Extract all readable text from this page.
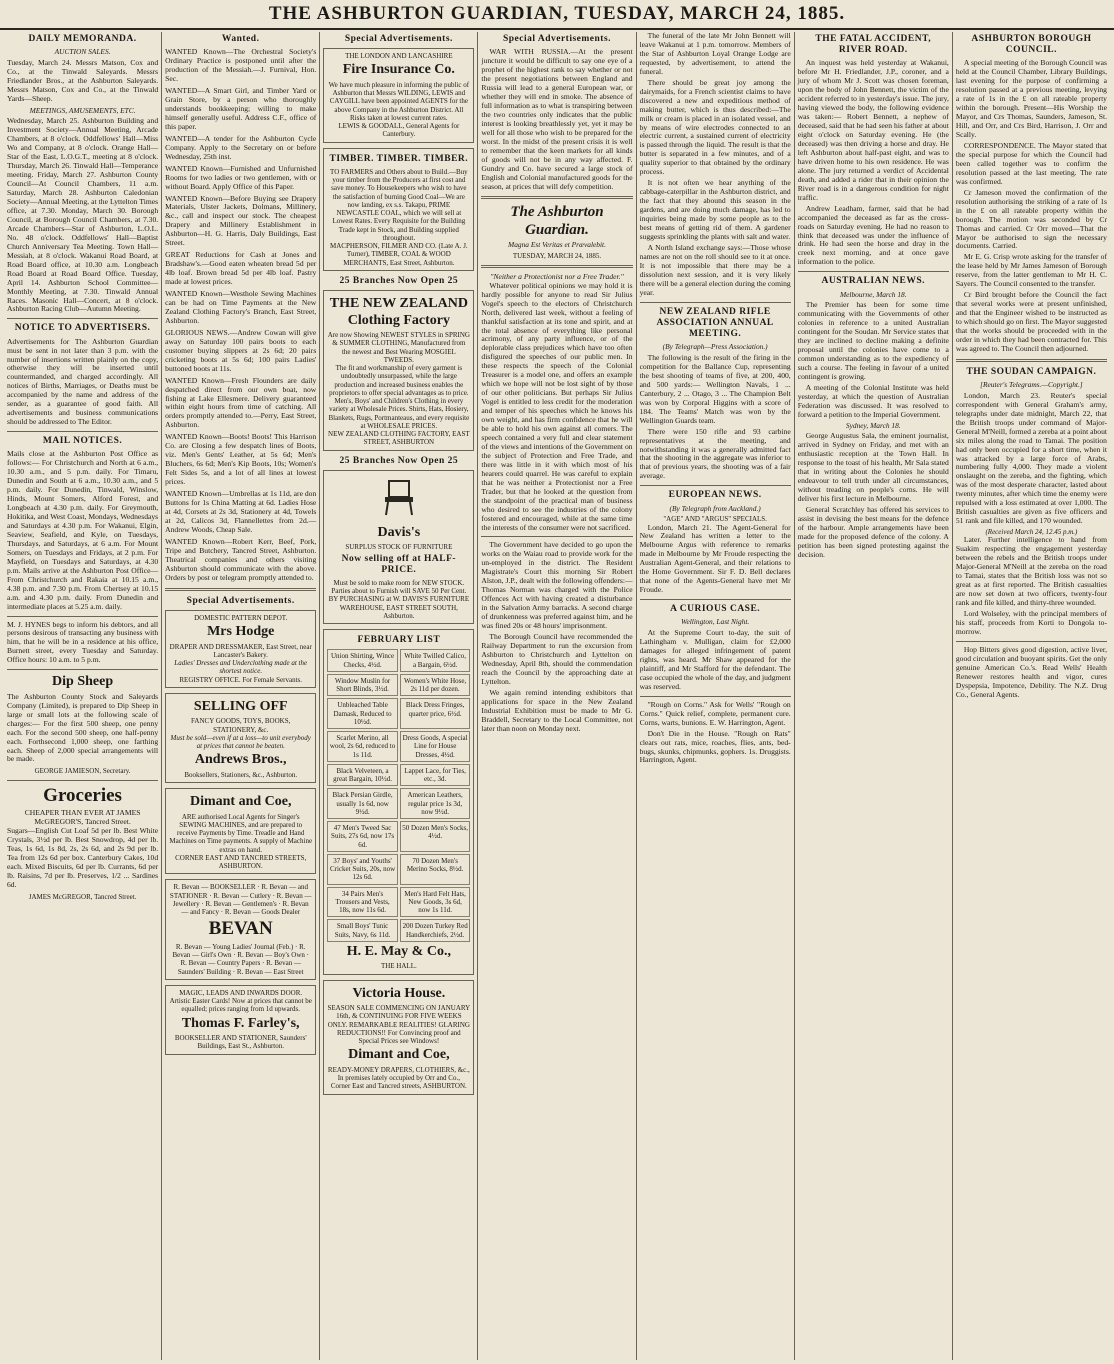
THE ASHBURTON GUARDIAN, TUESDAY, MARCH 24, 1885.
DAILY MEMORANDA.
AUCTION SALES.
Tuesday, March 24. Messrs Matson, Cox and Co., at the Tinwald Saleyards. Messrs Friedlander Bros., at the Ashburton Saleyards. Messrs Matson, Cox and Co., at the Tinwald Yards—Sheep.
MEETINGS, AMUSEMENTS, ETC.
Wednesday, March 25. Ashburton Building and Investment Society—Annual Meeting, Arcade Chambers, at 8 o'clock. Oddfellows' Hall—Miss Wo and Company, at 8 o'clock. Orange Hall—Star of the East, L.O.G.T., meeting at 8 o'clock. Thursday, March 26. Tinwald Hall—Temperance meeting. Friday, March 27. Ashburton County Council—At Council Chambers, 11 a.m. Saturday, March 28. Ashburton Caledonian Society—Annual Meeting, at the Lyttelton Times office, at 7.30. Monday, March 30. Borough Council, at Borough Council Chambers, at 7.30. Arcade Chambers—Star of Ashburton, L.O.L. No. 48 o'clock. Oddfellows' Hall—Baptist Church Anniversary Tea Meeting. Town Hall—Messiah, at 8 o'clock. Wakanui Road Board, at Road Board office, at 10.30 a.m. Longbeach Road Board at Road Board Office. Tuesday, April 14. Ashburton School Committee—Monthly Meeting, at 7.30. Tinwald Annual Races. Masonic Hall—Concert, at 8 o'clock. Ashburton Racing Club—Autumn Meeting.
NOTICE TO ADVERTISERS.
Advertisements for The Ashburton Guardian must be sent in not later than 3 p.m. with the number of insertions written plainly on the copy, otherwise they will be inserted until countermanded, and charged accordingly. All notices of Births, Marriages, or Deaths must be accompanied by the name and address of the sender, as a guarantee of good faith. All advertisements and business communications should be addressed to The Editor.
MAIL NOTICES.
Mails close at the Ashburton Post Office as follows:— For Christchurch and North at 6 a.m., 10.30 a.m., and 5 p.m. daily. For Timaru, Dunedin and South at 6 a.m., 10.30 a.m., and 5 p.m. daily. For Dunedin, Tinwald, Winslow, Hinds, Mount Somers, Alford Forest, and Longbeach at 4.30 p.m. daily. For Greymouth, Hokitika, and West Coast, Mondays, Wednesdays and Saturdays at 4.30 p.m. For Wakanui, Elgin, Seaview, Seafield, and Kyle, on Tuesdays, Thursdays, and Saturdays, at 6 a.m. For Mount Somers, on Tuesdays and Fridays, at 2 p.m. For Mayfield, on Tuesdays and Saturdays, at 4.30 p.m. Mails arrive at the Ashburton Post Office— From Christchurch and Rakaia at 10.15 a.m., 4.38 p.m. and 7.30 p.m. From Chertsey at 10.15 a.m. and 4.30 p.m. daily. From Dunedin and intermediate places at 5.25 a.m. daily.
M. J. HYNES begs to inform his debtors, and all persons desirous of transacting any business with him, that he will be in a residence at his office, Burnett street, every Tuesday and Saturday. Office hours: 10 a.m. to 5 p.m.
Dip Sheep
The Ashburton County Stock and Saleyards Company (Limited), is prepared to Dip Sheep in large or small lots at the following scale of charges:— For the first 500 sheep, one penny each. For the second 500 sheep, one half-penny each. Forthsecond 1,000 sheep, one farthing each. Sheep of 2,000 special arrangements will be made.
GEORGE JAMIESON, Secretary.
Groceries
CHEAPER THAN EVER AT JAMES McGREGOR'S, Tancred Street.
Sugars—English Cut Loaf 5d per lb. Best White Crystals, 3½d per lb. Best Snowdrop, 4d per lb. Teas, 1s 6d, 1s 8d, 2s, 2s 6d, and 2s 9d per lb. Tea from 12s 6d per box. Canterbury Cakes, 10d each. Mixed Biscuits, 6d per lb. Currants, 6d per lb. Raisins, 7d per lb. Preserves, 1/2 ... Sardines 6d.
JAMES McGREGOR, Tancred Street.
Wanted.
WANTED Known—The Orchestral Society's Ordinary Practice is postponed until after the production of the Messiah.—J. Furnival, Hon. Sec.
WANTED—A Smart Girl, and Timber Yard or Grain Store, by a person who thoroughly understands bookkeeping; willing to make himself generally useful. Address C.F., office of this paper.
WANTED—A tender for the Ashburton Cycle Company. Apply to the Secretary on or before Wednesday, 25th inst.
WANTED Known—Furnished and Unfurnished Rooms for two ladies or two gentlemen, with or without Board. Apply Office of this Paper.
WANTED Known—Before Buying see Drapery Materials, Ulster Jackets, Dolmans, Millinery, &c., call and inspect our stock. The cheapest Drapery and Millinery Establishment in Ashburton—H. G. Harris, Daly Buildings, East Street.
GREAT Reductions for Cash at Jones and Bradshaw's.—Good eaten wheaten bread 5d per 4lb loaf. Brown bread 5d per 4lb loaf. Pastry made at lowest prices.
WANTED Known—Westhole Sewing Machines can be had on Time Payments at the New Zealand Clothing Factory's Branch, East Street, Ashburton.
GLORIOUS NEWS.—Andrew Cowan will give away on Saturday 100 pairs boots to each customer buying slippers at 2s 6d; 20 pairs cricketing boots at 5s 6d; 100 pairs Ladies' buttoned boots at 11s.
WANTED Known—Fresh Flounders are daily despatched direct from our own boat, now fishing at Lake Ellesmere. Delivery guaranteed within eight hours from time of catching. All orders promptly attended to.—Perry, East Street, Ashburton.
WANTED Known—Boots! Boots! This Harrison Co. are Closing a few despatch lines of Boots, viz. Men's Gents' Leather, at 5s 6d; Men's Bluchers, 6s 6d; Men's Kip Boots, 10s; Women's Felt Sides 5s, and a lot of all lines at lowest prices.
WANTED Known—Umbrellas at 1s 11d, are don Buttons for 1s China Matting at 6d. Ladies Hose at 4d, Corsets at 2s 3d, Stationery at 4d, Towels at 2d, Calicos 3d, Flannellettes from 2d.—Andrew Woods, Cheap Sale.
WANTED Known—Robert Kerr, Beef, Pork, Tripe and Butchery, Tancred Street, Ashburton. Theatrical companies and others visiting Ashburton should communicate with the above. Orders by post or telegram promptly attended to.
Special Advertisements.
DOMESTIC PATTERN DEPOT.
Mrs Hodge
DRAPER AND DRESSMAKER, East Street, near Lancaster's Bakery.
Ladies' Dresses and Underclothing made at the shortest notice.
REGISTRY OFFICE. For Female Servants.
SELLING OFF
FANCY GOODS, TOYS, BOOKS, STATIONERY, &c.
Must be sold—even if at a loss—to unit everybody at prices that cannot be beaten.
Andrews Bros.,
Booksellers, Stationers, &c., Ashburton.
Dimant and Coe,
ARE authorised Local Agents for Singer's SEWING MACHINES, and are prepared to receive Payments by Time. Treadle and Hand Machines on Time payments. A supply of Machine extras on hand.
CORNER EAST AND TANCRED STREETS, ASHBURTON.
R. Bevan — BOOKSELLER · R. Bevan — and STATIONER · R. Bevan — Cutlery · R. Bevan — Jewellery · R. Bevan — Gentlemen's · R. Bevan — and Fancy · R. Bevan — Goods Dealer
BEVAN
R. Bevan — Young Ladies' Journal (Feb.) · R. Bevan — Girl's Own · R. Bevan — Boy's Own · R. Bevan — Country Papers · R. Bevan — Saunders' Building · R. Bevan — East Street
MAGIC, LEADS AND INWARDS DOOR.
Artistic Easter Cards! Now at prices that cannot be equalled; prices ranging from 1d upwards.
Thomas F. Farley's,
BOOKSELLER AND STATIONER, Saunders' Buildings, East St., Ashburton.
Special Advertisements.
THE LONDON AND LANCASHIRE
Fire Insurance Co.
We have much pleasure in informing the public of Ashburton that Messrs WILDING, LEWIS and CAYGILL have been appointed AGENTS for the above Company in the Ashburton District. All Risks taken at lowest current rates.
LEWIS & GOODALL, General Agents for Canterbury.
TIMBER. TIMBER. TIMBER.
TO FARMERS and Others about to Build.—Buy your timber from the Producers at first cost and save money. To Housekeepers who wish to have the satisfaction of burning Good Coal—We are now landing, ex s.s. Takapu, PRIME NEWCASTLE COAL, which we will sell at Lowest Rates. Every Requisite for the Building Trade kept in Stock, and Building supplied throughout.
MACPHERSON, FILMER AND CO. (Late A. J. Turner), TIMBER, COAL & WOOD MERCHANTS, East Street, Ashburton.
25 Branches Now Open 25
THE NEW ZEALAND Clothing Factory
Are now Showing NEWEST STYLES in SPRING & SUMMER CLOTHING, Manufactured from the newest and Best Wearing MOSGIEL TWEEDS.
The fit and workmanship of every garment is undoubtedly unsurpassed, while the large production and increased business enables the proprietors to offer special advantages as to price. Men's, Boys' and Children's Clothing in every variety at Wholesale Prices. Shirts, Hats, Hosiery, Blankets, Rugs, Portmanteaus, and every requisite at WHOLESALE PRICES.
NEW ZEALAND CLOTHING FACTORY, EAST STREET, ASHBURTON
25 Branches Now Open 25
Davis's
SURPLUS STOCK OF FURNITURE
Now selling off at HALF-PRICE.
Must be sold to make room for NEW STOCK. Parties about to Furnish will SAVE 50 Per Cent. BY PURCHASING at W. DAVIS'S FURNITURE WAREHOUSE, EAST STREET SOUTH, Ashburton.
FEBRUARY LIST
Union Shirting, Wince Checks, 4½d.
White Twilled Calico, a Bargain, 6½d.
Window Muslin for Short Blinds, 3½d.
Women's White Hose, 2s 11d per dozen.
Unbleached Table Damask, Reduced to 10½d.
Black Dress Fringes, quarter price, 6½d.
Scarlet Merino, all wool, 2s 6d, reduced to 1s 11d.
Dress Goods, A special Line for House Dresses, 4½d.
Black Velveteen, a great Bargain, 10½d.
Lappet Lace, for Ties, etc., 3d.
Black Persian Girdle, usually 1s 6d, now 9½d.
American Leathers, regular price 1s 3d, now 9½d.
47 Men's Tweed Sac Suits, 27s 6d, now 17s 6d.
50 Dozen Men's Socks, 4½d.
37 Boys' and Youths' Cricket Suits, 20s, now 12s 6d.
70 Dozen Men's Merino Socks, 8½d.
34 Pairs Men's Trousers and Vests, 18s, now 11s 6d.
Men's Hard Felt Hats, New Goods, 3s 6d, now 1s 11d.
Small Boys' Tunic Suits, Navy, 6s 11d.
200 Dozen Turkey Red Handkerchiefs, 2½d.
H. E. May & Co.,
THE HALL.
Victoria House.
SEASON SALE COMMENCING ON JANUARY 16th, & CONTINUING FOR FIVE WEEKS ONLY. REMARKABLE REALITIES! GLARING REDUCTIONS!! For Convincing proof and Special Prices see Windows!
Dimant and Coe,
READY-MONEY DRAPERS, CLOTHIERS, &c., In premises lately occupied by Orr and Co., Corner East and Tancred streets, ASHBURTON.
Special Advertisements.
WAR WITH RUSSIA.—At the present juncture it would be difficult to say one eye of a prophet of the highest rank to say whether or not the present negotiations between England and Russia will lead to a general European war, or whether they will end in smoke. The absence of full information as to what is transpiring between the two countries only indicates that the public interest is looking breathlessly yet, yet it may be well for all those who wish to be prepared for the worst. In the midst of the present crisis it is well to remember that the keen markets for all kinds of goods will not be in any way affected. F. Gundry and Co. have secured a large stock of English and Colonial manufactured goods for the season, at prices that will defy competition.
The Ashburton Guardian.
Magna Est Veritas et Prævalebit.
TUESDAY, MARCH 24, 1885.
"Neither a Protectionist nor a Free Trader."
Whatever political opinions we may hold it is hardly possible for anyone to read Sir Julius Vogel's speech to the electors of Christchurch North, delivered last week, without a feeling of thankful satisfaction at its tone and spirit, and at the total absence of everything like personal acrimony, of any party influence, or of the deplorable class prejudices which have too often disfigured the speeches of our public men. In these respects the speech of the Colonial Treasurer is a model one, and offers an example which we hope will not be lost sight of by those of our other politicians. But perhaps Sir Julius Vogel is entitled to less credit for the moderation and temper of his speeches which he knows his own weight, and has firm confidence that he will be able to hold his own against all comers. The speech contained a very full and clear statement of the views and intentions of the Government on the subject of Protection and Free Trade, and there was little in it with which most of his hearers could quarrel. He was careful to explain that he was neither a Protectionist nor a Free Trader, but that he looked at the question from the standpoint of the practical man of business who desired to see the industries of the colony fostered and encouraged, while at the same time the interests of the consumer were not sacrificed.
The Government have decided to go upon the works on the Waiau road to provide work for the un-employed in the district. The Resident Magistrate's Court this morning Sir Robert Alston, J.P., dealt with the following offenders:—Thomas Norman was charged with the Police Offences Act with having created a disturbance in the Salvation Army barracks. A second charge of drunkenness was preferred against him, and he was fined 20s or 48 hours' imprisonment.
The Borough Council have recommended the Railway Department to run the excursion from Ashburton to Christchurch and Lyttelton on Wednesday, April 8th, should the commendation reach the Council by the approaching date at Lyttelton.
We again remind intending exhibitors that applications for space in the New Zealand Industrial Exhibition must be made to Mr G. Braddell, Secretary to the Local Committee, not later than noon on Monday next.
The funeral of the late Mr John Bennett will leave Wakanui at 1 p.m. tomorrow. Members of the Star of Ashburton Loyal Orange Lodge are requested, by advertisement, to attend the funeral.
There should be great joy among the dairymaids, for a French scientist claims to have discovered a new and expeditious method of making butter, which is thus described:—The milk or cream is placed in an isolated vessel, and by means of wire electrodes connected to an electric current, a sustained current of electricity is passed through the liquid. The result is that the butter is separated in a few minutes, and of a quality superior to that obtained by the ordinary process.
It is not often we hear anything of the cabbage-caterpillar in the Ashburton district, and the fact that they abound this season in the gardens, and are doing much damage, has led to inquiries being made by some people as to the best means of getting rid of them. A gardener suggests sprinkling the plants with salt and water.
A North Island exchange says:—Those whose names are not on the roll should see to it at once. It is not impossible that there may be a dissolution next session, and it is very likely there will be a general election during the coming year.
NEW ZEALAND RIFLE ASSOCIATION ANNUAL MEETING.
(By Telegraph—Press Association.)
The following is the result of the firing in the competition for the Ballance Cup, representing the best shooting of teams of five, at 200, 400, and 500 yards:— Wellington Navals, 1 ... Canterbury, 2 ... Otago, 3 ... The Champion Belt was won by Corporal Higgins with a score of 184. The Teams' Match was won by the Wellington Guards team.
There were 150 rifle and 93 carbine representatives at the meeting, and notwithstanding it was a generally admitted fact that the shooting in the aggregate was inferior to that of previous years, the shooting was of a fair average.
EUROPEAN NEWS.
(By Telegraph from Auckland.)
"AGE" AND "ARGUS" SPECIALS.
London, March 21. The Agent-General for New Zealand has written a letter to the Melbourne Argus with reference to remarks made in Melbourne by Mr Froude respecting the Australian Agent-General, and their relations to the Home Government. Sir F. D. Bell declares that none of the Agents-General have met Mr Froude.
A CURIOUS CASE.
Wellington, Last Night.
At the Supreme Court to-day, the suit of Lathingham v. Mulligan, claim for £2,000 damages for alleged infringement of patent rights, was heard. Mr Shaw appeared for the plaintiff, and Mr Stafford for the defendant. The case occupied the whole of the day, and judgment was reserved.
"Rough on Corns." Ask for Wells' "Rough on Corns." Quick relief, complete, permanent cure. Corns, warts, bunions. E. W. Harrington, Agent.
Don't Die in the House. "Rough on Rats" clears out rats, mice, roaches, flies, ants, bed-bugs, skunks, chipmunks, gophers. 1s. Druggists. Harrington, Agent.
THE FATAL ACCIDENT, RIVER ROAD.
An inquest was held yesterday at Wakanui, before Mr H. Friedlander, J.P., coroner, and a jury of whom Mr J. Scott was chosen foreman, upon the body of John Bennett, the victim of the accident referred to in yesterday's issue. The jury, having viewed the body, the following evidence was taken:— Robert Bennett, a nephew of deceased, said that he had seen his father at about eight o'clock on Saturday evening. He (the deceased) was then driving a horse and dray. He left Ashburton about half-past eight, and was to have driven home to his own residence. He was alone. The jury returned a verdict of Accidental death, and added a rider that in their opinion the River road is in a dangerous condition for night traffic.
Andrew Leadham, farmer, said that he had accompanied the deceased as far as the cross-roads on Saturday evening. He had no reason to think that deceased was under the influence of drink. He had seen the horse and dray in the creek next morning, and at once gave information to the police.
AUSTRALIAN NEWS.
Melbourne, March 18.
The Premier has been for some time communicating with the Governments of other colonies in reference to a united Australian contingent for the Soudan. Mr Service states that they are inclined to decline making a definite proposal until the colonies have come to a common understanding as to the expediency of such a course. The feeling in favour of a united contingent is growing.
A meeting of the Colonial Institute was held yesterday, at which the question of Australian Federation was discussed. It was resolved to forward a petition to the Imperial Government.
Sydney, March 18.
George Augustus Sala, the eminent journalist, arrived in Sydney on Friday, and met with an enthusiastic reception at the Town Hall. In response to the toast of his health, Mr Sala stated that in writing about the Colonies he should endeavour to tell truth under all circumstances, without treading on people's corns. He will deliver his first lecture in Melbourne.
General Scratchley has offered his services to assist in devising the best means for the defence of the harbour. Ample arrangements have been made for the proposed defence of the colony. A petition has been signed protesting against the decision.
ASHBURTON BOROUGH COUNCIL.
A special meeting of the Borough Council was held at the Council Chamber, Library Buildings, last evening for the purpose of confirming a resolution passed at a previous meeting, levying a rate of 1s in the £ on all rateable property within the borough. Present—His Worship the Mayor, and Crs Thomas, Saunders, Jameson, St. Hill, and Orr, and Crs Bird, Harrison, J. Orr and Scally.
CORRESPONDENCE. The Mayor stated that the special purpose for which the Council had been called together was to confirm the resolution passed at the last meeting. The rate was confirmed.
Cr Jameson moved the confirmation of the resolution authorising the striking of a rate of 1s in the £ on all rateable property within the borough. The motion was seconded by Cr Thomas and carried. Cr Orr moved—That the Mayor be authorised to sign the necessary documents. Carried.
Mr E. G. Crisp wrote asking for the transfer of the lease held by Mr James Jameson of Borough reserve, from the latter gentleman to Mr H. C. Sayers. The Council consented to the transfer.
Cr Bird brought before the Council the fact that several works were at present unfinished, and that the Engineer wished to be instructed as to which should go on first. The Mayor suggested that the works should be proceeded with in the order in which they had been contracted for. This was agreed to. The Council then adjourned.
THE SOUDAN CAMPAIGN.
[Reuter's Telegrams.—Copyright.]
London, March 23. Reuter's special correspondent with General Graham's army, telegraphs under date midnight, March 22, that the British troops under command of Major-General M'Neill, formed a zereba at a point about six miles along the road to Tamai. The position had only been occupied for a short time, when it was attacked by a large force of Arabs, numbering fully 4,000. They made a violent onslaught on the zereba, and the fighting, which was of the most desperate character, lasted about twenty minutes, after which time the enemy were repulsed with a loss estimated at over 1,000. The British casualties are given as five officers and 51 rank and file killed, and 170 wounded.
(Received March 24, 12.45 p.m.)
Later. Further intelligence to hand from Suakim respecting the engagement yesterday between the rebels and the British troops under Major-General M'Neill at the zereba on the road to Tamai, states that the British loss was not so great as at first reported. The British casualties are now set down at two officers, twenty-four rank and file killed, and thirty-three wounded.
Lord Wolseley, with the principal members of his staff, proceeds from Korti to Dongola to-morrow.
Hop Bitters gives good digestion, active liver, good circulation and buoyant spirits. Get the only genuine American Co.'s. Read Wells' Health Renewer restores health and vigor, cures Dyspepsia, Impotence, Debility. The N.Z. Drug Co., General Agents.
